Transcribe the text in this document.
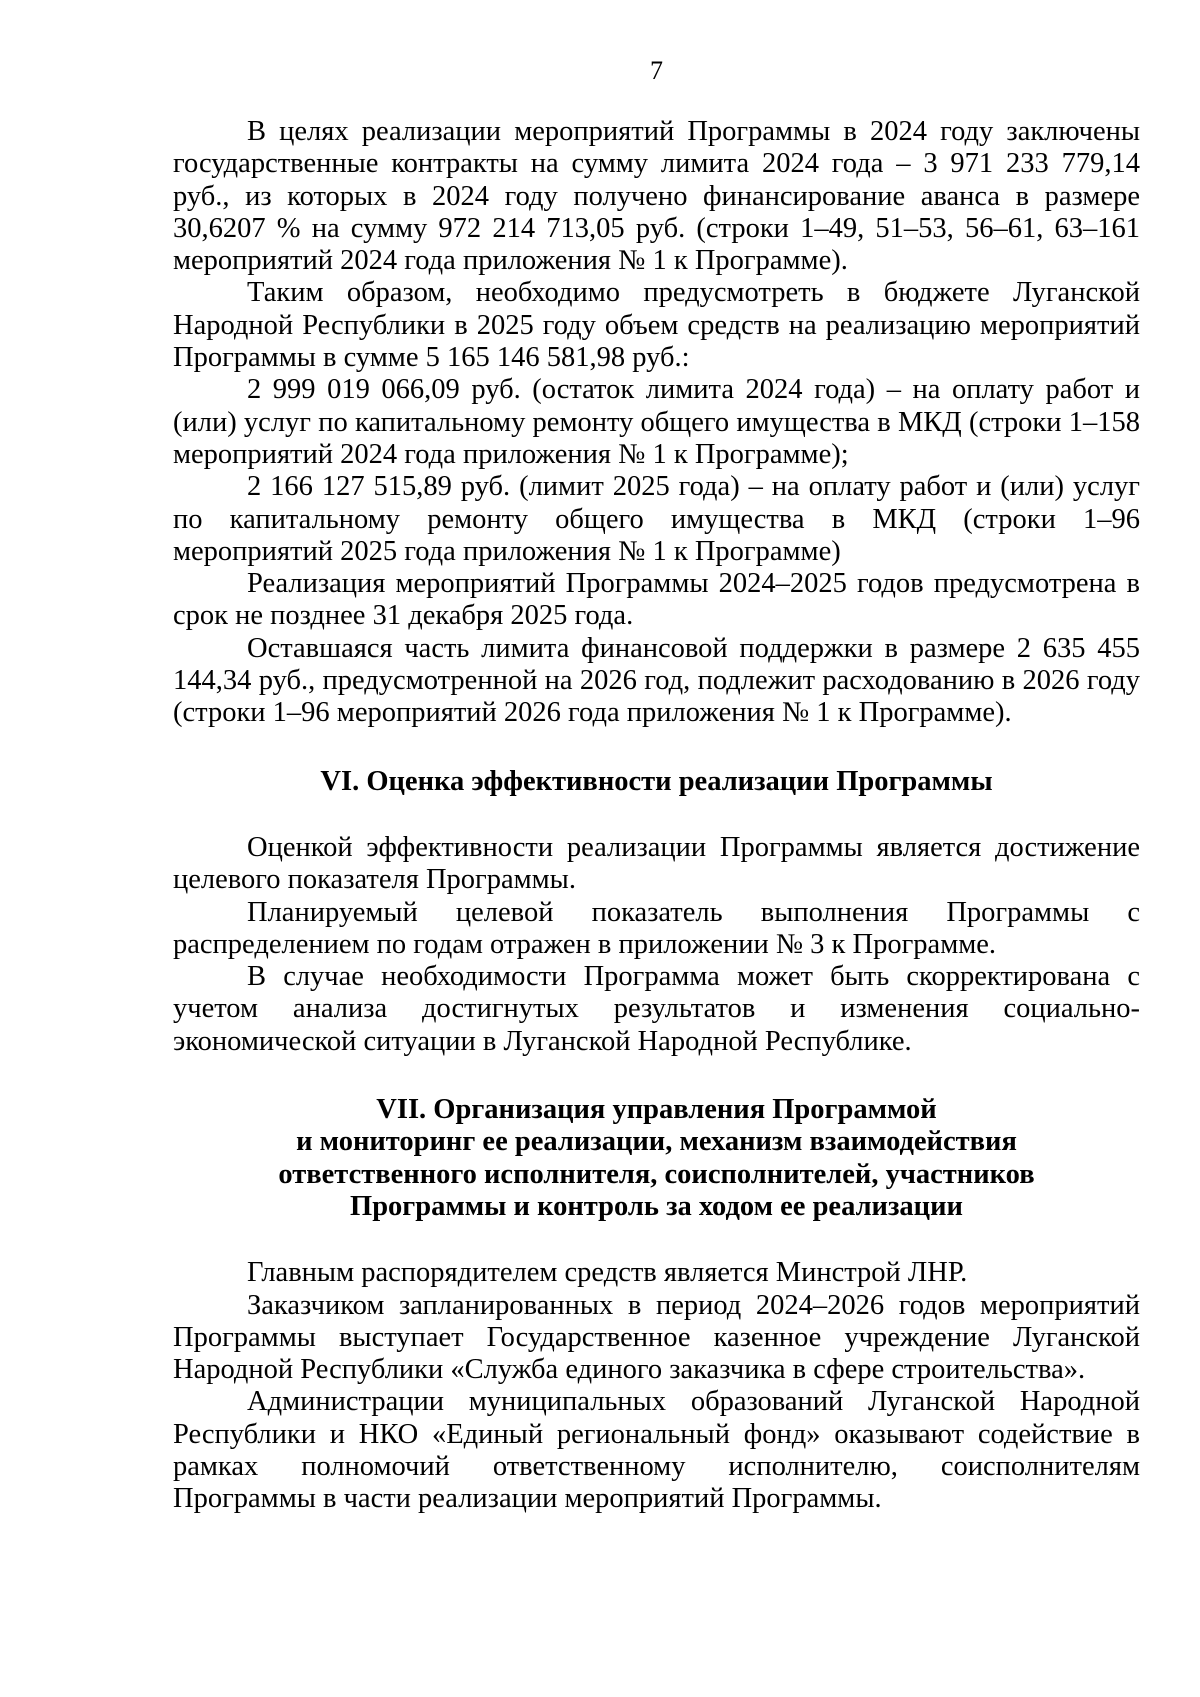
7

В целях реализации мероприятий Программы в 2024 году заключены государственные контракты на сумму лимита 2024 года – 3 971 233 779,14 руб., из которых в 2024 году получено финансирование аванса в размере 30,6207 % на сумму 972 214 713,05 руб. (строки 1–49, 51–53, 56–61, 63–161 мероприятий 2024 года приложения № 1 к Программе).

Таким образом, необходимо предусмотреть в бюджете Луганской Народной Республики в 2025 году объем средств на реализацию мероприятий Программы в сумме 5 165 146 581,98 руб.:

2 999 019 066,09 руб. (остаток лимита 2024 года) – на оплату работ и (или) услуг по капитальному ремонту общего имущества в МКД (строки 1–158 мероприятий 2024 года приложения № 1 к Программе);

2 166 127 515,89 руб. (лимит 2025 года) – на оплату работ и (или) услуг по капитальному ремонту общего имущества в МКД (строки 1–96 мероприятий 2025 года приложения № 1 к Программе)

Реализация мероприятий Программы 2024–2025 годов предусмотрена в срок не позднее 31 декабря 2025 года.

Оставшаяся часть лимита финансовой поддержки в размере 2 635 455 144,34 руб., предусмотренной на 2026 год, подлежит расходованию в 2026 году (строки 1–96 мероприятий 2026 года приложения № 1 к Программе).

VI. Оценка эффективности реализации Программы

Оценкой эффективности реализации Программы является достижение целевого показателя Программы.

Планируемый целевой показатель выполнения Программы с распределением по годам отражен в приложении № 3 к Программе.

В случае необходимости Программа может быть скорректирована с учетом анализа достигнутых результатов и изменения социально-экономической ситуации в Луганской Народной Республике.

VII. Организация управления Программой
и мониторинг ее реализации, механизм взаимодействия
ответственного исполнителя, соисполнителей, участников
Программы и контроль за ходом ее реализации

Главным распорядителем средств является Минстрой ЛНР.

Заказчиком запланированных в период 2024–2026 годов мероприятий Программы выступает Государственное казенное учреждение Луганской Народной Республики «Служба единого заказчика в сфере строительства».

Администрации муниципальных образований Луганской Народной Республики и НКО «Единый региональный фонд» оказывают содействие в рамках полномочий ответственному исполнителю, соисполнителям Программы в части реализации мероприятий Программы.
